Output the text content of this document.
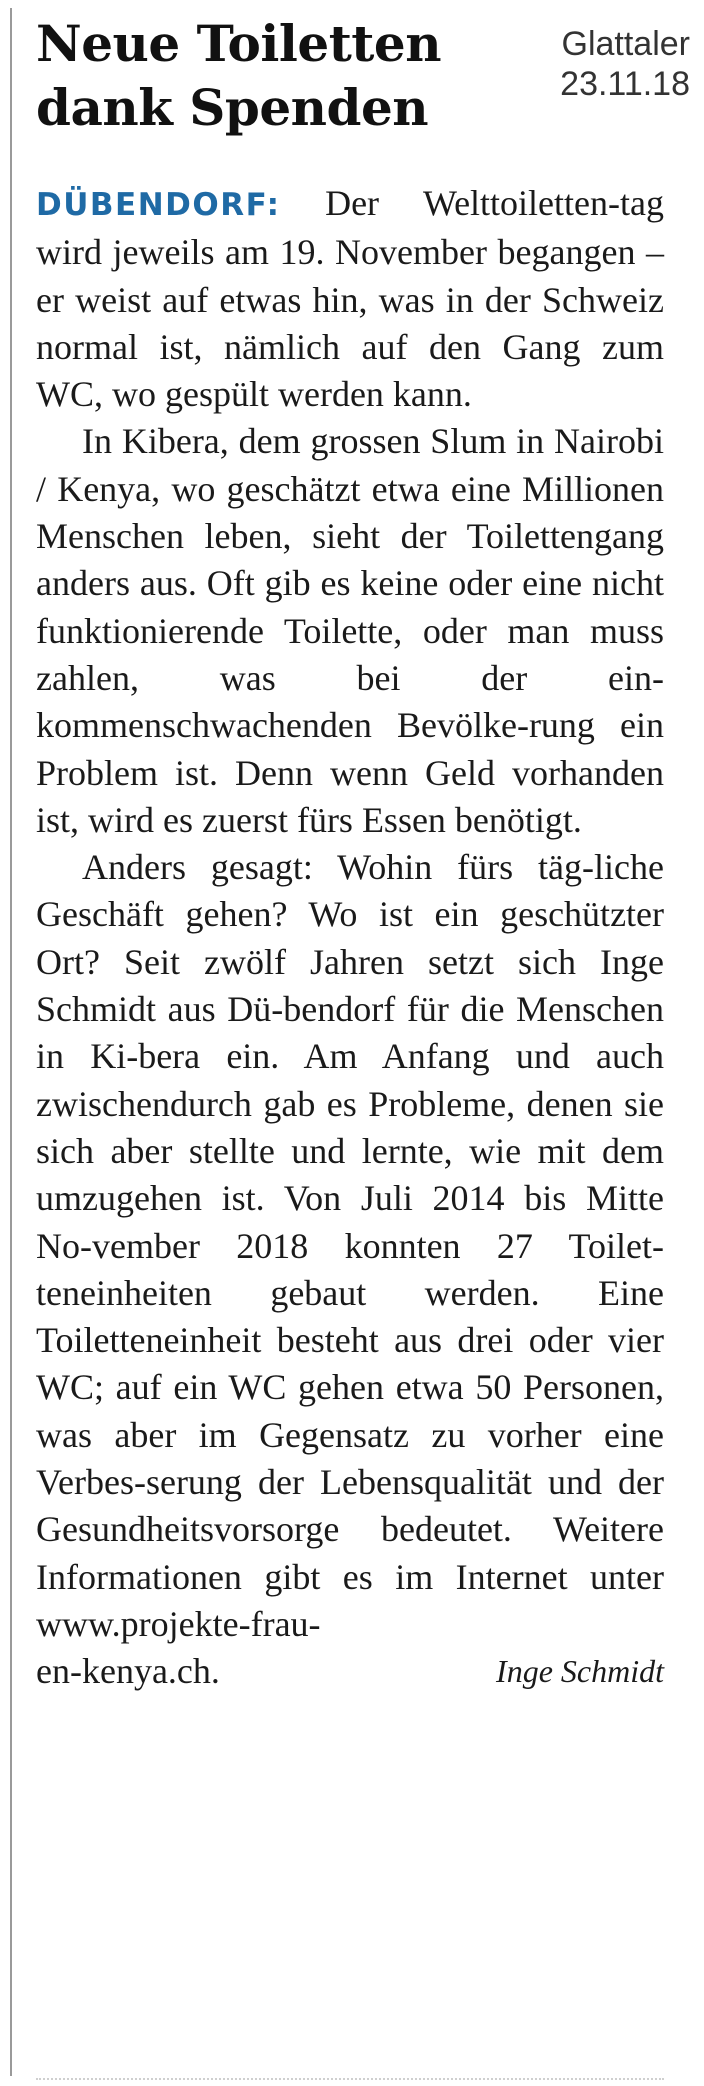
Neue Toiletten
dank Spenden
Glattaler
23.11.18

DÜBENDORF: Der Welttoiletten-tag wird jeweils am 19. November begangen – er weist auf etwas hin, was in der Schweiz normal ist, nämlich auf den Gang zum WC, wo gespült werden kann.

In Kibera, dem grossen Slum in Nairobi / Kenya, wo geschätzt etwa eine Millionen Menschen leben, sieht der Toilettengang anders aus. Oft gib es keine oder eine nicht funktionierende Toilette, oder man muss zahlen, was bei der ein-kommenschwachenden Bevölke-rung ein Problem ist. Denn wenn Geld vorhanden ist, wird es zuerst fürs Essen benötigt.

Anders gesagt: Wohin fürs täg-liche Geschäft gehen? Wo ist ein geschützter Ort? Seit zwölf Jahren setzt sich Inge Schmidt aus Dü-bendorf für die Menschen in Ki-bera ein. Am Anfang und auch zwischendurch gab es Probleme, denen sie sich aber stellte und lernte, wie mit dem umzugehen ist. Von Juli 2014 bis Mitte No-vember 2018 konnten 27 Toilet-teneinheiten gebaut werden. Eine Toiletteneinheit besteht aus drei oder vier WC; auf ein WC gehen etwa 50 Personen, was aber im Gegensatz zu vorher eine Verbes-serung der Lebensqualität und der Gesundheitsvorsorge bedeutet. Weitere Informationen gibt es im Internet unter www.projekte-frau-

en-kenya.ch.	Inge Schmidt
